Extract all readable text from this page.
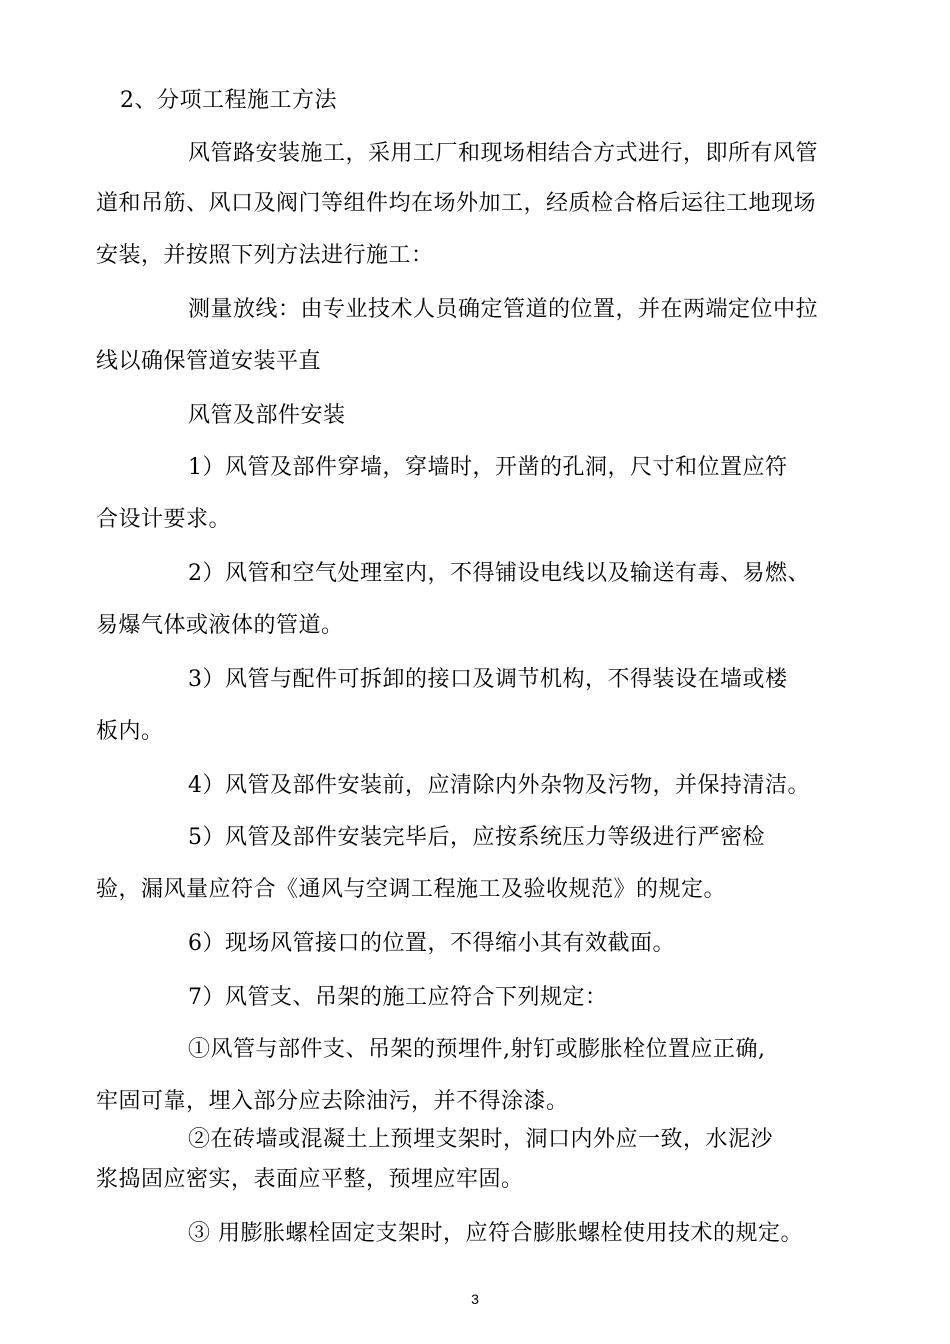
2、分项工程施工方法
风管路安装施工，采用工厂和现场相结合方式进行，即所有风管
道和吊筋、风口及阀门等组件均在场外加工，经质检合格后运往工地现场
安装，并按照下列方法进行施工：
测量放线：由专业技术人员确定管道的位置，并在两端定位中拉
线以确保管道安装平直
风管及部件安装
1）风管及部件穿墙，穿墙时，开凿的孔洞，尺寸和位置应符
合设计要求。
2）风管和空气处理室内，不得铺设电线以及输送有毒、易燃、
易爆气体或液体的管道。
3）风管与配件可拆卸的接口及调节机构，不得装设在墙或楼
板内。
4）风管及部件安装前，应清除内外杂物及污物，并保持清洁。
5）风管及部件安装完毕后，应按系统压力等级进行严密检
验，漏风量应符合《通风与空调工程施工及验收规范》的规定。
6）现场风管接口的位置，不得缩小其有效截面。
7）风管支、吊架的施工应符合下列规定：
①风管与部件支、吊架的预埋件,射钉或膨胀栓位置应正确,
牢固可靠，埋入部分应去除油污，并不得涂漆。
②在砖墙或混凝土上预埋支架时，洞口内外应一致，水泥沙
浆捣固应密实，表面应平整，预埋应牢固。
③ 用膨胀螺栓固定支架时，应符合膨胀螺栓使用技术的规定。
3
